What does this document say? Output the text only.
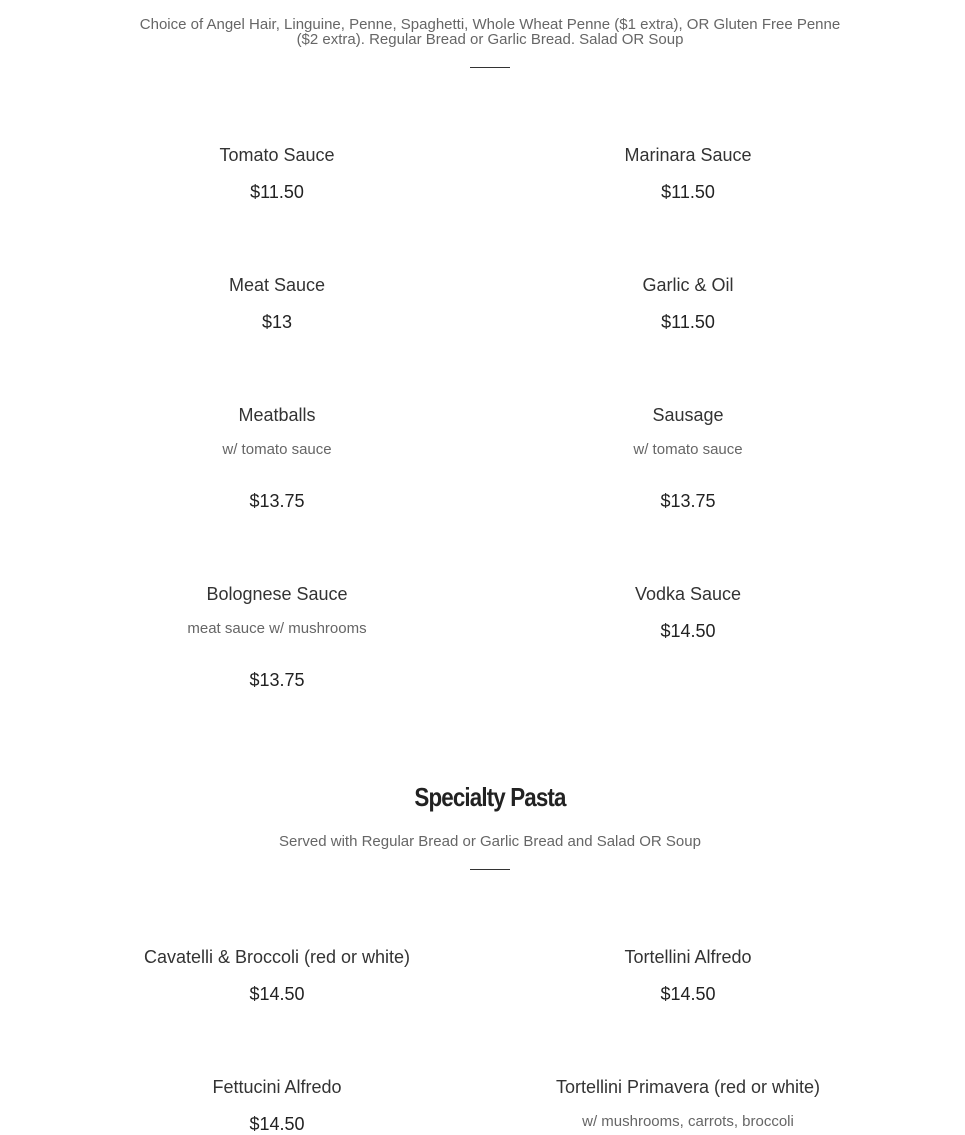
Choice of Angel Hair, Linguine, Penne, Spaghetti, Whole Wheat Penne ($1 extra), OR Gluten Free Penne ($2 extra). Regular Bread or Garlic Bread. Salad OR Soup

Tomato Sauce

$11.50

Marinara Sauce

$11.50

Meat Sauce

$13

Garlic & Oil

$11.50

Meatballs

w/ tomato sauce

$13.75

Sausage

w/ tomato sauce

$13.75

Bolognese Sauce

meat sauce w/ mushrooms

$13.75

Vodka Sauce

$14.50

Specialty Pasta
Served with Regular Bread or Garlic Bread and Salad OR Soup

Cavatelli & Broccoli (red or white)

$14.50

Tortellini Alfredo

$14.50

Fettucini Alfredo

$14.50

Tortellini Primavera (red or white)

w/ mushrooms, carrots, broccoli
